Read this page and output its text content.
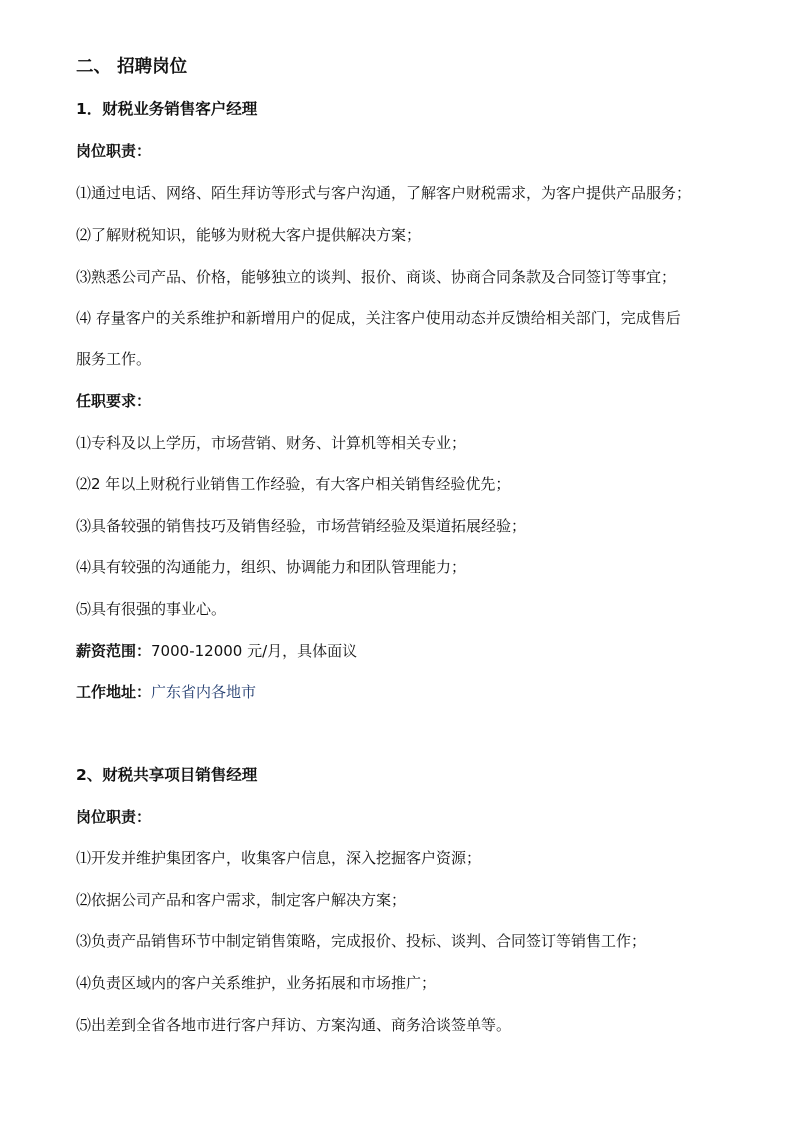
二、 招聘岗位
1．财税业务销售客户经理
岗位职责：
⑴通过电话、网络、陌生拜访等形式与客户沟通，了解客户财税需求，为客户提供产品服务；
⑵了解财税知识，能够为财税大客户提供解决方案；
⑶熟悉公司产品、价格，能够独立的谈判、报价、商谈、协商合同条款及合同签订等事宜；
⑷ 存量客户的关系维护和新增用户的促成，关注客户使用动态并反馈给相关部门，完成售后
服务工作。
任职要求：
⑴专科及以上学历，市场营销、财务、计算机等相关专业；
⑵2 年以上财税行业销售工作经验，有大客户相关销售经验优先；
⑶具备较强的销售技巧及销售经验，市场营销经验及渠道拓展经验；
⑷具有较强的沟通能力，组织、协调能力和团队管理能力；
⑸具有很强的事业心。
薪资范围：7000-12000 元/月，具体面议
工作地址：广东省内各地市
2、财税共享项目销售经理
岗位职责：
⑴开发并维护集团客户，收集客户信息，深入挖掘客户资源；
⑵依据公司产品和客户需求，制定客户解决方案；
⑶负责产品销售环节中制定销售策略，完成报价、投标、谈判、合同签订等销售工作；
⑷负责区域内的客户关系维护，业务拓展和市场推广；
⑸出差到全省各地市进行客户拜访、方案沟通、商务洽谈签单等。
